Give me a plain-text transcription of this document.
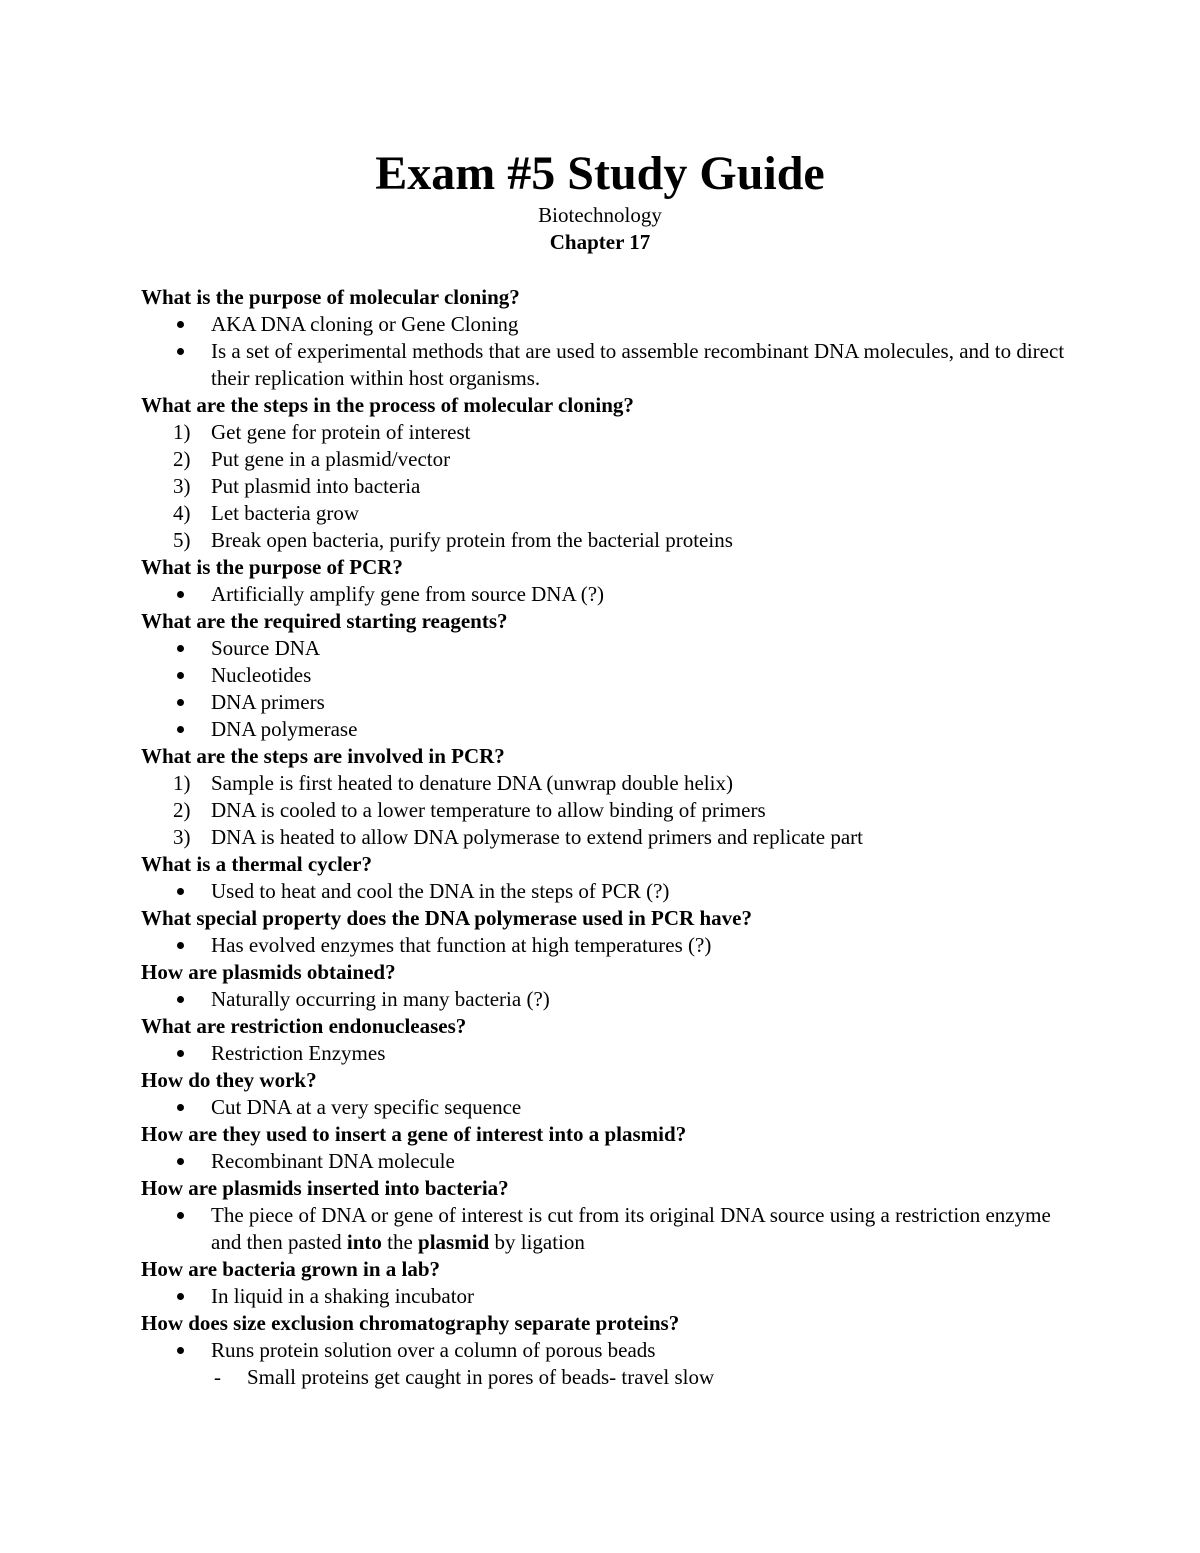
Exam #5 Study Guide
Biotechnology
Chapter 17

What is the purpose of molecular cloning?

AKA DNA cloning or Gene Cloning

Is a set of experimental methods that are used to assemble recombinant DNA molecules, and to direct their replication within host organisms.

What are the steps in the process of molecular cloning?

1) Get gene for protein of interest

2) Put gene in a plasmid/vector

3) Put plasmid into bacteria

4) Let bacteria grow

5) Break open bacteria, purify protein from the bacterial proteins

What is the purpose of PCR?

Artificially amplify gene from source DNA (?)

What are the required starting reagents?

Source DNA

Nucleotides

DNA primers

DNA polymerase

What are the steps are involved in PCR?

1) Sample is first heated to denature DNA (unwrap double helix)

2) DNA is cooled to a lower temperature to allow binding of primers

3) DNA is heated to allow DNA polymerase to extend primers and replicate part

What is a thermal cycler?

Used to heat and cool the DNA in the steps of PCR (?)

What special property does the DNA polymerase used in PCR have?

Has evolved enzymes that function at high temperatures (?)

How are plasmids obtained?

Naturally occurring in many bacteria (?)

What are restriction endonucleases?

Restriction Enzymes

How do they work?

Cut DNA at a very specific sequence

How are they used to insert a gene of interest into a plasmid?

Recombinant DNA molecule

How are plasmids inserted into bacteria?

The piece of DNA or gene of interest is cut from its original DNA source using a restriction enzyme and then pasted into the plasmid by ligation

How are bacteria grown in a lab?

In liquid in a shaking incubator

How does size exclusion chromatography separate proteins?

Runs protein solution over a column of porous beads

- Small proteins get caught in pores of beads- travel slow
